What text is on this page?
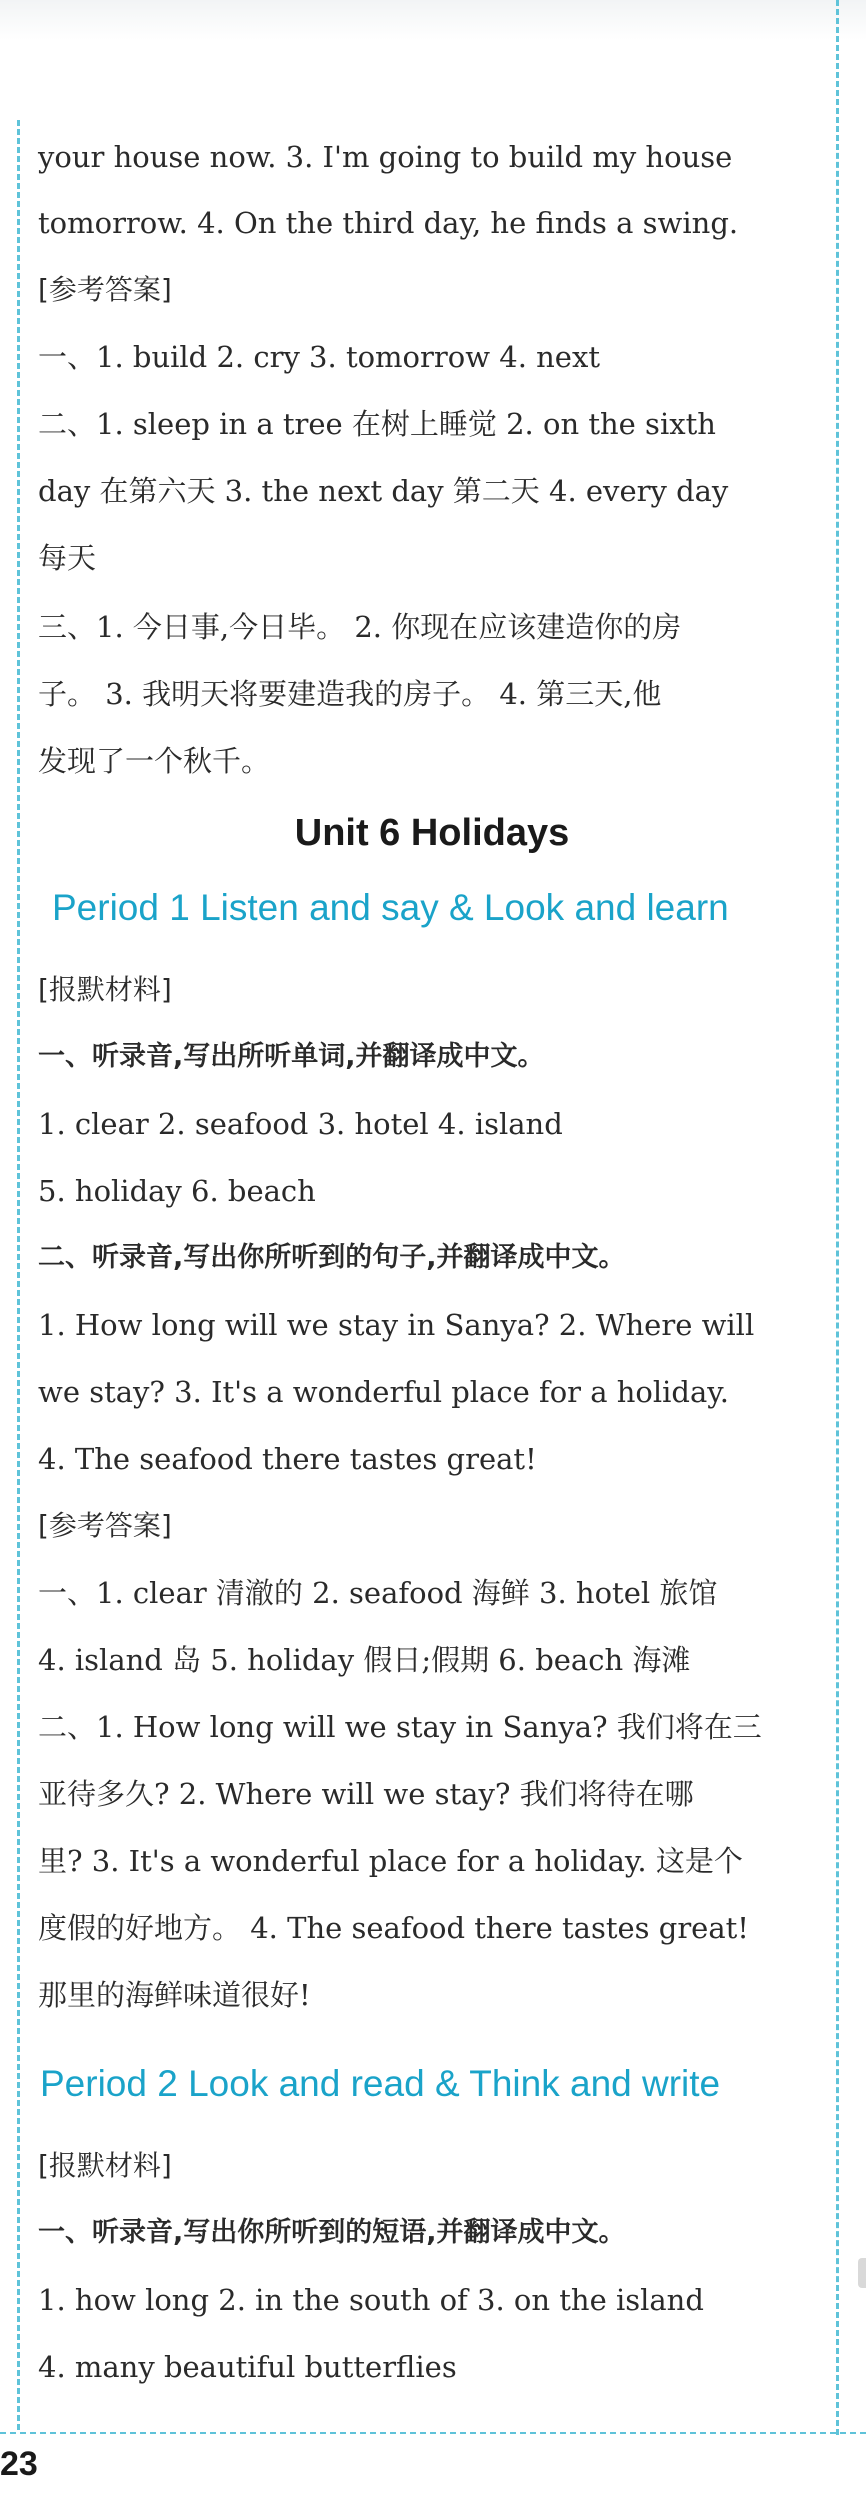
your house now. 3. I'm going to build my house
tomorrow. 4. On the third day, he finds a swing.
[参考答案]
一、1. build 2. cry 3. tomorrow 4. next
二、1. sleep in a tree 在树上睡觉 2. on the sixth
day 在第六天 3. the next day 第二天 4. every day
每天
三、1. 今日事,今日毕。 2. 你现在应该建造你的房
子。 3. 我明天将要建造我的房子。 4. 第三天,他
发现了一个秋千。
Unit 6 Holidays
Period 1 Listen and say & Look and learn
[报默材料]
一、听录音,写出所听单词,并翻译成中文。
1. clear 2. seafood 3. hotel 4. island
5. holiday 6. beach
二、听录音,写出你所听到的句子,并翻译成中文。
1. How long will we stay in Sanya? 2. Where will
we stay? 3. It's a wonderful place for a holiday.
4. The seafood there tastes great!
[参考答案]
一、1. clear 清澈的 2. seafood 海鲜 3. hotel 旅馆
4. island 岛 5. holiday 假日;假期 6. beach 海滩
二、1. How long will we stay in Sanya? 我们将在三
亚待多久? 2. Where will we stay? 我们将待在哪
里? 3. It's a wonderful place for a holiday. 这是个
度假的好地方。 4. The seafood there tastes great!
那里的海鲜味道很好!
Period 2 Look and read & Think and write
[报默材料]
一、听录音,写出你所听到的短语,并翻译成中文。
1. how long 2. in the south of 3. on the island
4. many beautiful butterflies
23
